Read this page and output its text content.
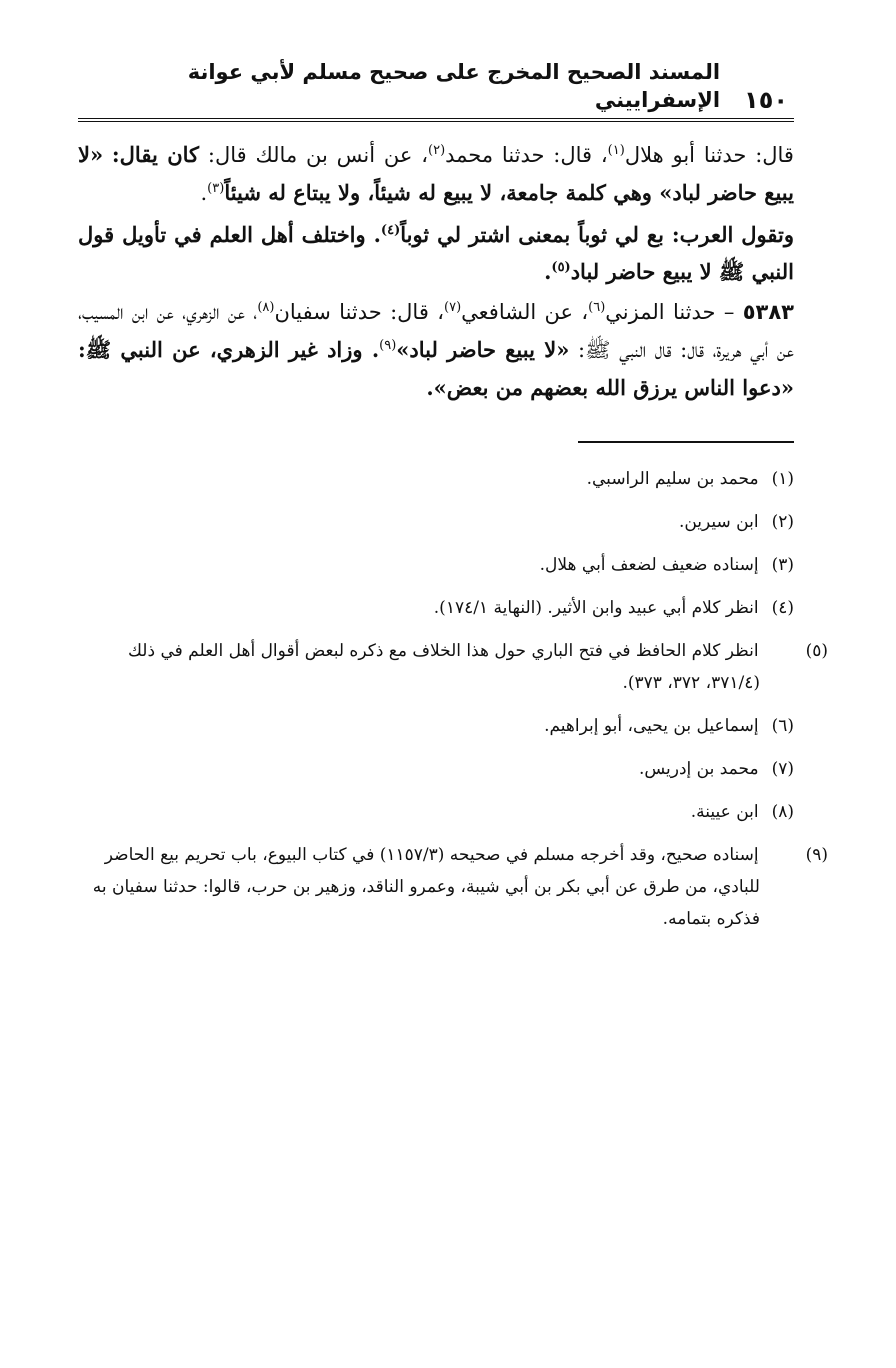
١٥٠
المسند الصحيح المخرج على صحيح مسلم لأبي عوانة الإسفراييني

قال: حدثنا أبو هلال$^{(١)}$، قال: حدثنا محمد$^{(٢)}$، عن أنس بن مالك قال: كان يقال: «لا يبيع حاضر لباد» وهي كلمة جامعة، لا يبيع له شيئاً، ولا يبتاع له شيئاً$^{(٣)}$.

وتقول العرب: بع لي ثوباً بمعنى اشتر لي ثوباً$^{(٤)}$. واختلف أهل العلم في تأويل قول النبي ﷺ لا يبيع حاضر لباد$^{(٥)}$.

٥٣٨٣ – حدثنا المزني$^{(٦)}$، عن الشافعي$^{(٧)}$، قال: حدثنا سفيان$^{(٨)}$، عن الزهري، عن ابن المسيب، عن أبي هريرة، قال: قال النبي ﷺ: «لا يبيع حاضر لباد»$^{(٩)}$. وزاد غير الزهري، عن النبي ﷺ: «دعوا الناس يرزق الله بعضهم من بعض».

(١) محمد بن سليم الراسبي.

(٢) ابن سيرين.

(٣) إسناده ضعيف لضعف أبي هلال.

(٤) انظر كلام أبي عبيد وابن الأثير. (النهاية ١٧٤/١).

(٥) انظر كلام الحافظ في فتح الباري حول هذا الخلاف مع ذكره لبعض أقوال أهل العلم في ذلك (٣٧١/٤، ٣٧٢، ٣٧٣).

(٦) إسماعيل بن يحيى، أبو إبراهيم.

(٧) محمد بن إدريس.

(٨) ابن عيينة.

(٩) إسناده صحيح، وقد أخرجه مسلم في صحيحه (١١٥٧/٣) في كتاب البيوع، باب تحريم بيع الحاضر للبادي، من طرق عن أبي بكر بن أبي شيبة، وعمرو الناقد، وزهير بن حرب، قالوا: حدثنا سفيان به فذكره بتمامه.
